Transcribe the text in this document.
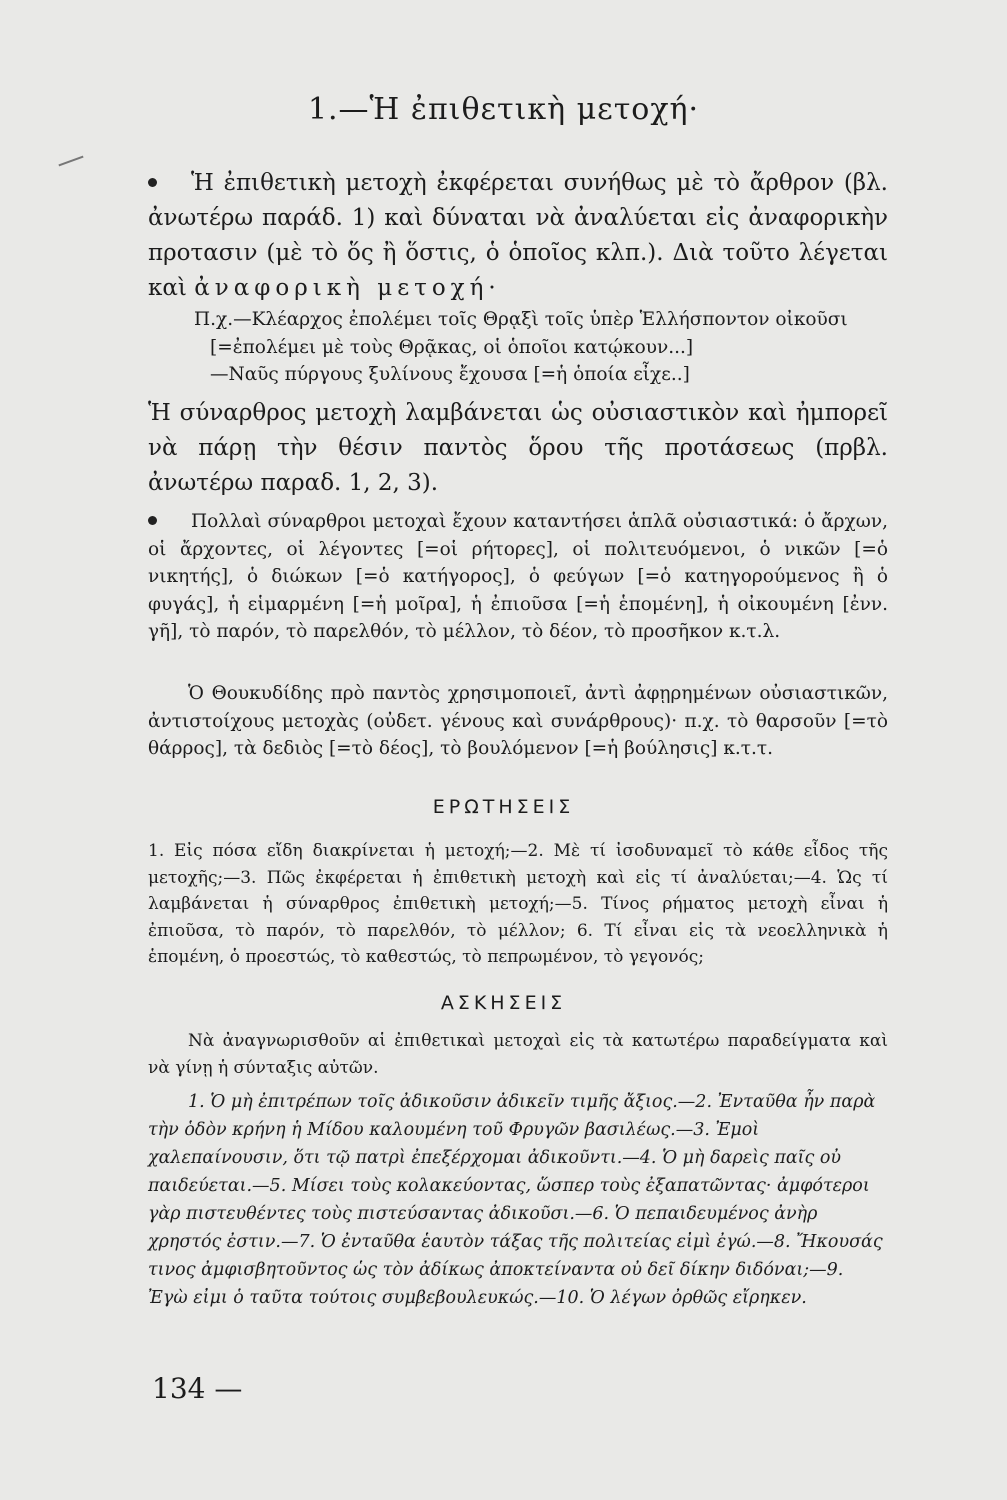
1.—Ἡ ἐπιθετικὴ μετοχή·
Ἡ ἐπιθετικὴ μετοχὴ ἐκφέρεται συνήθως μὲ τὸ ἄρθρον (βλ. ἀνωτέρω παράδ. 1) καὶ δύναται νὰ ἀναλύεται εἰς ἀναφορικὴν προτασιν (μὲ τὸ ὅς ἢ ὅστις, ὁ ὁποῖος κλπ.). Διὰ τοῦτο λέγεται καὶ ἀναφορικὴ μετοχή·
Π.χ.—Κλέαρχος ἐπολέμει τοῖς Θρᾳξὶ τοῖς ὑπὲρ Ἑλλήσποντον οἰκοῦσι
[=ἐπολέμει μὲ τοὺς Θρᾷκας, οἱ ὁποῖοι κατῴκουν...]
—Ναῦς πύργους ξυλίνους ἔχουσα [=ἡ ὁποία εἶχε..]
Ἡ σύναρθρος μετοχὴ λαμβάνεται ὡς οὐσιαστικὸν καὶ ἠμπορεῖ νὰ πάρῃ τὴν θέσιν παντὸς ὅρου τῆς προτάσεως (πρβλ. ἀνωτέρω παραδ. 1, 2, 3).
Πολλαὶ σύναρθροι μετοχαὶ ἔχουν καταντήσει ἁπλᾶ οὐσιαστικά: ὁ ἄρχων, οἱ ἄρχοντες, οἱ λέγοντες [=οἱ ρήτορες], οἱ πολιτευόμενοι, ὁ νικῶν [=ὁ νικητής], ὁ διώκων [=ὁ κατήγορος], ὁ φεύγων [=ὁ κατηγορούμενος ἢ ὁ φυγάς], ἡ εἱμαρμένη [=ἡ μοῖρα], ἡ ἐπιοῦσα [=ἡ ἑπομένη], ἡ οἰκουμένη [ἐνν. γῆ], τὸ παρόν, τὸ παρελθόν, τὸ μέλλον, τὸ δέον, τὸ προσῆκον κ.τ.λ.
Ὁ Θουκυδίδης πρὸ παντὸς χρησιμοποιεῖ, ἀντὶ ἀφῃρημένων οὐσιαστικῶν, ἀντιστοίχους μετοχὰς (οὐδετ. γένους καὶ συνάρθρους)· π.χ. τὸ θαρσοῦν [=τὸ θάρρος], τὰ δεδιὸς [=τὸ δέος], τὸ βουλόμενον [=ἡ βούλησις] κ.τ.τ.
ΕΡΩΤΗΣΕΙΣ
1. Εἰς πόσα εἴδη διακρίνεται ἡ μετοχή;—2. Μὲ τί ἰσοδυναμεῖ τὸ κάθε εἶδος τῆς μετοχῆς;—3. Πῶς ἐκφέρεται ἡ ἐπιθετικὴ μετοχὴ καὶ εἰς τί ἀναλύεται;—4. Ὡς τί λαμβάνεται ἡ σύναρθρος ἐπιθετικὴ μετοχή;—5. Τίνος ρήματος μετοχὴ εἶναι ἡ ἐπιοῦσα, τὸ παρόν, τὸ παρελθόν, τὸ μέλλον; 6. Τί εἶναι εἰς τὰ νεοελληνικὰ ἡ ἑπομένη, ὁ προεστώς, τὸ καθεστώς, τὸ πεπρωμένον, τὸ γεγονός;
ΑΣΚΗΣΕΙΣ
Νὰ ἀναγνωρισθοῦν αἱ ἐπιθετικαὶ μετοχαὶ εἰς τὰ κατωτέρω παραδείγματα καὶ νὰ γίνῃ ἡ σύνταξις αὐτῶν.
1. Ὁ μὴ ἐπιτρέπων τοῖς ἀδικοῦσιν ἀδικεῖν τιμῆς ἄξιος.—2. Ἐνταῦθα ἦν παρὰ τὴν ὁδὸν κρήνη ἡ Μίδου καλουμένη τοῦ Φρυγῶν βασιλέως.—3. Ἐμοὶ χαλεπαίνουσιν, ὅτι τῷ πατρὶ ἐπεξέρχομαι ἀδικοῦντι.—4. Ὁ μὴ δαρεὶς παῖς οὐ παιδεύεται.—5. Μίσει τοὺς κολακεύοντας, ὥσπερ τοὺς ἐξαπατῶντας· ἀμφότεροι γὰρ πιστευθέντες τοὺς πιστεύσαντας ἀδικοῦσι.—6. Ὁ πεπαιδευμένος ἀνὴρ χρηστός ἐστιν.—7. Ὁ ἐνταῦθα ἑαυτὸν τάξας τῆς πολιτείας εἰμὶ ἐγώ.—8. Ἤκουσάς τινος ἀμφισβητοῦντος ὡς τὸν ἀδίκως ἀποκτείναντα οὐ δεῖ δίκην διδόναι;—9. Ἐγὼ εἰμι ὁ ταῦτα τούτοις συμβεβουλευκώς.—10. Ὁ λέγων ὀρθῶς εἴρηκεν.
134 —
